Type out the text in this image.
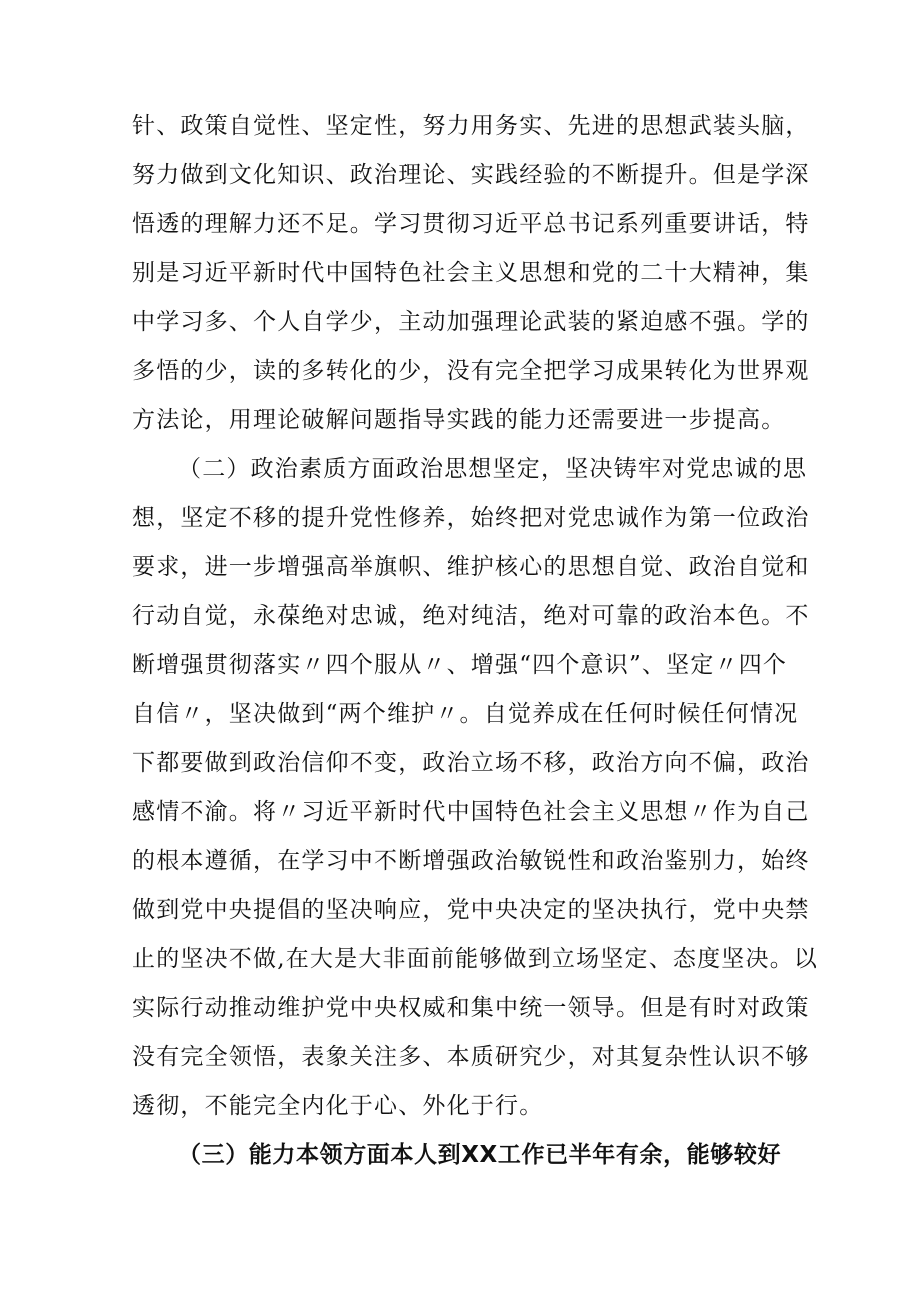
针、政策自觉性、坚定性，努力用务实、先进的思想武装头脑，
努力做到文化知识、政治理论、实践经验的不断提升。但是学深
悟透的理解力还不足。学习贯彻习近平总书记系列重要讲话，特
别是习近平新时代中国特色社会主义思想和党的二十大精神，集
中学习多、个人自学少，主动加强理论武装的紧迫感不强。学的
多悟的少，读的多转化的少，没有完全把学习成果转化为世界观
方法论，用理论破解问题指导实践的能力还需要进一步提高。
（二）政治素质方面政治思想坚定，坚决铸牢对党忠诚的思
想，坚定不移的提升党性修养，始终把对党忠诚作为第一位政治
要求，进一步增强高举旗帜、维护核心的思想自觉、政治自觉和
行动自觉，永葆绝对忠诚，绝对纯洁，绝对可靠的政治本色。不
断增强贯彻落实〃四个服从〃、增强“四个意识”、坚定〃四个
自信〃，坚决做到“两个维护〃。自觉养成在任何时候任何情况
下都要做到政治信仰不变，政治立场不移，政治方向不偏，政治
感情不渝。将〃习近平新时代中国特色社会主义思想〃作为自己
的根本遵循，在学习中不断增强政治敏锐性和政治鉴别力，始终
做到党中央提倡的坚决响应，党中央决定的坚决执行，党中央禁
止的坚决不做,在大是大非面前能够做到立场坚定、态度坚决。以
实际行动推动维护党中央权威和集中统一领导。但是有时对政策
没有完全领悟，表象关注多、本质研究少，对其复杂性认识不够
透彻，不能完全内化于心、外化于行。
（三）能力本领方面本人到XX工作已半年有余，能够较好
